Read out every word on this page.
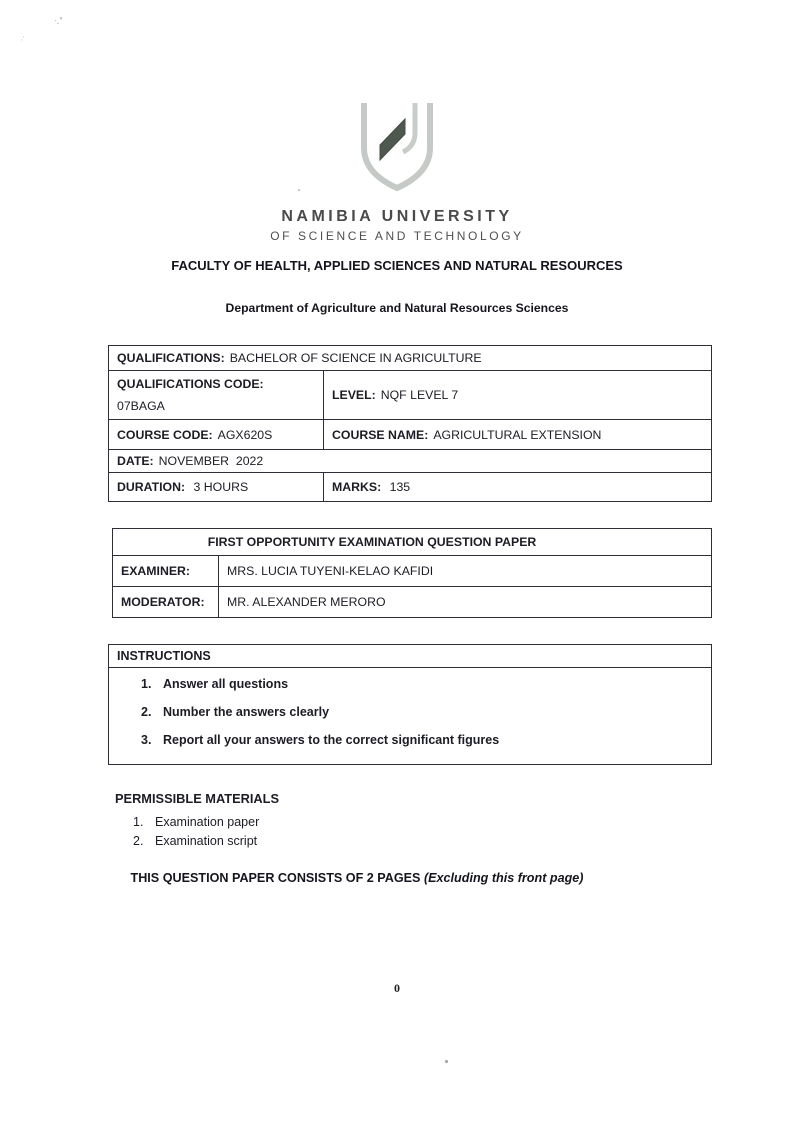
·ˍ°
ˌ·
NAMIBIA UNIVERSITY
OF SCIENCE AND TECHNOLOGY
FACULTY OF HEALTH, APPLIED SCIENCES AND NATURAL RESOURCES
Department of Agriculture and Natural Resources Sciences
QUALIFICATIONS: BACHELOR OF SCIENCE IN AGRICULTURE	

QUALIFICATIONS CODE:
07BAGA	LEVEL: NQF LEVEL 7
COURSE CODE: AGX620S	COURSE NAME: AGRICULTURAL EXTENSION
DATE: NOVEMBER  2022	
DURATION: 3 HOURS	MARKS: 135
FIRST OPPORTUNITY EXAMINATION QUESTION PAPER	
EXAMINER:	MRS. LUCIA TUYENI-KELAO KAFIDI
MODERATOR:	MR. ALEXANDER MERORO
INSTRUCTIONS
1. Answer all questions
2. Number the answers clearly
3. Report all your answers to the correct significant figures
PERMISSIBLE MATERIALS
1. Examination paper
2. Examination script
THIS QUESTION PAPER CONSISTS OF 2 PAGES (Excluding this front page)
0
